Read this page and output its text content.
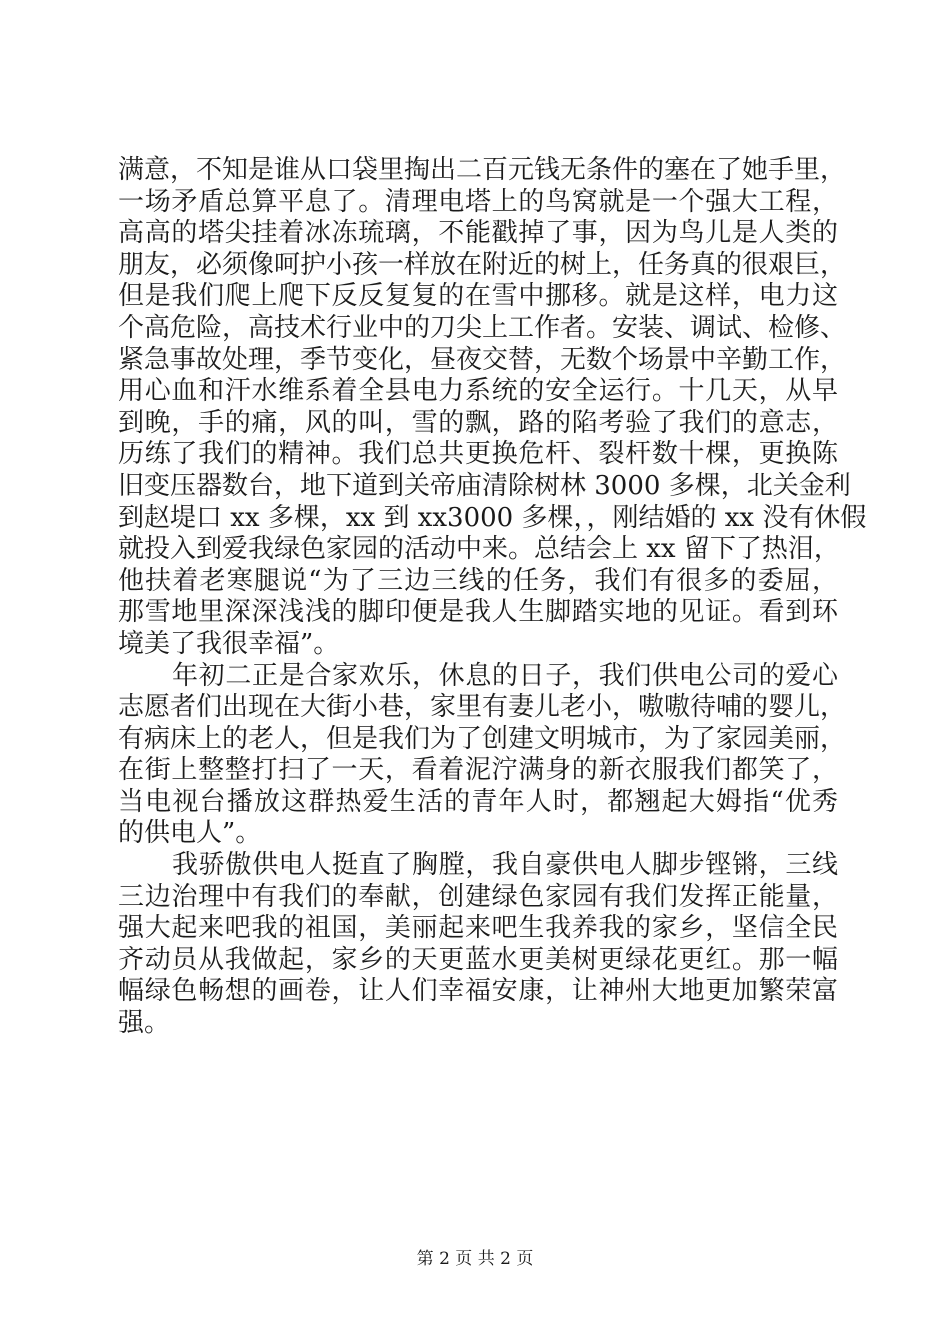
满意，不知是谁从口袋里掏出二百元钱无条件的塞在了她手里，
一场矛盾总算平息了。清理电塔上的鸟窝就是一个强大工程，
高高的塔尖挂着冰冻琉璃，不能戳掉了事，因为鸟儿是人类的
朋友，必须像呵护小孩一样放在附近的树上，任务真的很艰巨，
但是我们爬上爬下反反复复的在雪中挪移。就是这样，电力这
个高危险，高技术行业中的刀尖上工作者。安装、调试、检修、
紧急事故处理，季节变化，昼夜交替，无数个场景中辛勤工作，
用心血和汗水维系着全县电力系统的安全运行。十几天，从早
到晚，手的痛，风的叫，雪的飘，路的陷考验了我们的意志，
历练了我们的精神。我们总共更换危杆、裂杆数十棵，更换陈
旧变压器数台，地下道到关帝庙清除树林 3000 多棵，北关金利
到赵堤口 xx 多棵，xx 到 xx3000 多棵，，刚结婚的 xx 没有休假
就投入到爱我绿色家园的活动中来。总结会上 xx 留下了热泪，
他扶着老寒腿说“为了三边三线的任务，我们有很多的委屈，
那雪地里深深浅浅的脚印便是我人生脚踏实地的见证。看到环
境美了我很幸福”。
年初二正是合家欢乐，休息的日子，我们供电公司的爱心
志愿者们出现在大街小巷，家里有妻儿老小，嗷嗷待哺的婴儿，
有病床上的老人，但是我们为了创建文明城市，为了家园美丽，
在街上整整打扫了一天，看着泥泞满身的新衣服我们都笑了，
当电视台播放这群热爱生活的青年人时，都翘起大姆指“优秀
的供电人”。
我骄傲供电人挺直了胸膛，我自豪供电人脚步铿锵，三线
三边治理中有我们的奉献，创建绿色家园有我们发挥正能量，
强大起来吧我的祖国，美丽起来吧生我养我的家乡，坚信全民
齐动员从我做起，家乡的天更蓝水更美树更绿花更红。那一幅
幅绿色畅想的画卷，让人们幸福安康，让神州大地更加繁荣富
强。
第 2 页 共 2 页
